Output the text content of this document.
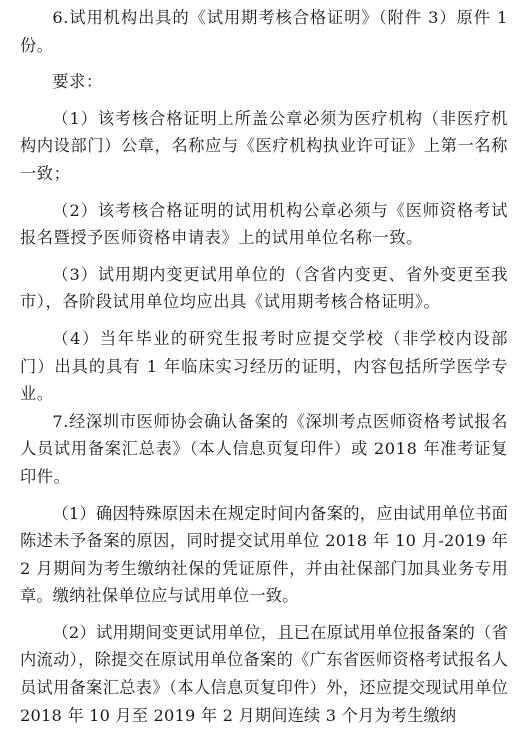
6.试用机构出具的《试用期考核合格证明》（附件 3）原件 1 份。

要求：

（1）该考核合格证明上所盖公章必须为医疗机构（非医疗机构内设部门）公章，名称应与《医疗机构执业许可证》上第一名称一致；

（2）该考核合格证明的试用机构公章必须与《医师资格考试报名暨授予医师资格申请表》上的试用单位名称一致。

（3）试用期内变更试用单位的（含省内变更、省外变更至我市），各阶段试用单位均应出具《试用期考核合格证明》。

（4）当年毕业的研究生报考时应提交学校（非学校内设部门）出具的具有 1 年临床实习经历的证明，内容包括所学医学专业。

7.经深圳市医师协会确认备案的《深圳考点医师资格考试报名人员试用备案汇总表》（本人信息页复印件）或 2018 年准考证复印件。

（1）确因特殊原因未在规定时间内备案的，应由试用单位书面陈述未予备案的原因，同时提交试用单位 2018 年 10 月-2019 年 2 月期间为考生缴纳社保的凭证原件，并由社保部门加具业务专用章。缴纳社保单位应与试用单位一致。

（2）试用期间变更试用单位，且已在原试用单位报备案的（省内流动），除提交在原试用单位备案的《广东省医师资格考试报名人员试用备案汇总表》（本人信息页复印件）外，还应提交现试用单位 2018 年 10 月至 2019 年 2 月期间连续 3 个月为考生缴纳
